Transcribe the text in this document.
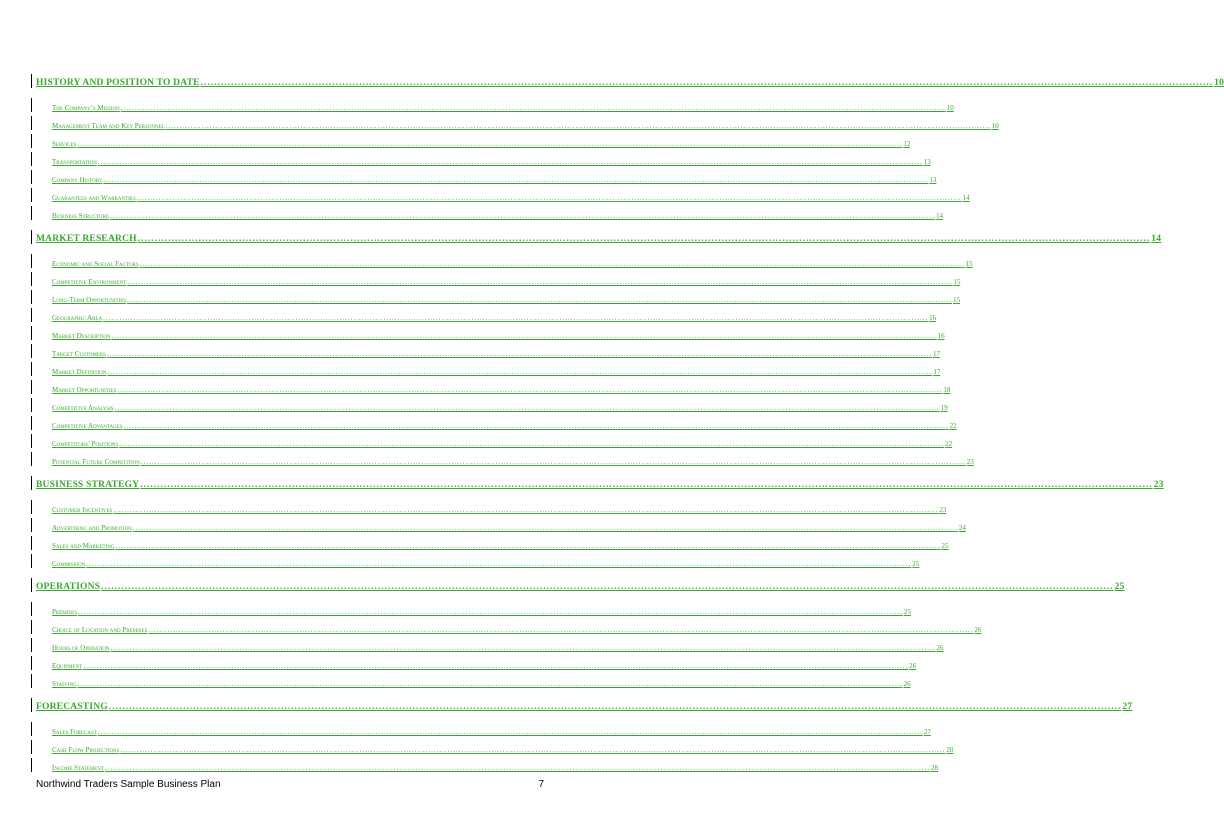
HISTORY AND POSITION TO DATE ............................................................................................................................................................................................................................................................................................................ 10
The Company’s Mission ............................................................................................................................................................................................................................................................................................................ 10
Management Team and Key Personnel ............................................................................................................................................................................................................................................................................................................ 10
Services ............................................................................................................................................................................................................................................................................................................ 12
Transportation ............................................................................................................................................................................................................................................................................................................ 13
Company History ............................................................................................................................................................................................................................................................................................................ 13
Guarantees and Warranties ............................................................................................................................................................................................................................................................................................................ 14
Business Structure ............................................................................................................................................................................................................................................................................................................ 14
MARKET RESEARCH ............................................................................................................................................................................................................................................................................................................ 14
Economic and Social Factors ............................................................................................................................................................................................................................................................................................................ 15
Competitive Environment ............................................................................................................................................................................................................................................................................................................ 15
Long-Term Opportunities ............................................................................................................................................................................................................................................................................................................ 15
Geographic Area ............................................................................................................................................................................................................................................................................................................ 16
Market Description ............................................................................................................................................................................................................................................................................................................ 16
Target Customers ............................................................................................................................................................................................................................................................................................................ 17
Market Definition ............................................................................................................................................................................................................................................................................................................ 17
Market Opportunities ............................................................................................................................................................................................................................................................................................................ 18
Competitive Analysis ............................................................................................................................................................................................................................................................................................................ 19
Competitive Advantages ............................................................................................................................................................................................................................................................................................................ 22
Competitors’ Positions ............................................................................................................................................................................................................................................................................................................ 22
Potential Future Competition ............................................................................................................................................................................................................................................................................................................ 23
BUSINESS STRATEGY ............................................................................................................................................................................................................................................................................................................ 23
Customer Incentives ............................................................................................................................................................................................................................................................................................................ 23
Advertising and Promotion ............................................................................................................................................................................................................................................................................................................ 24
Sales and Marketing ............................................................................................................................................................................................................................................................................................................ 25
Commission ............................................................................................................................................................................................................................................................................................................ 25
OPERATIONS ............................................................................................................................................................................................................................................................................................................ 25
Premises ............................................................................................................................................................................................................................................................................................................ 25
Choice of Location and Premises ............................................................................................................................................................................................................................................................................................................ 26
Hours of Operation ............................................................................................................................................................................................................................................................................................................ 26
Equipment ............................................................................................................................................................................................................................................................................................................ 26
Staffing ............................................................................................................................................................................................................................................................................................................ 26
FORECASTING ............................................................................................................................................................................................................................................................................................................ 27
Sales Forecast ............................................................................................................................................................................................................................................................................................................ 27
Cash Flow Projections ............................................................................................................................................................................................................................................................................................................ 28
Income Statement ............................................................................................................................................................................................................................................................................................................ 28
Northwind Traders Sample Business Plan	7
